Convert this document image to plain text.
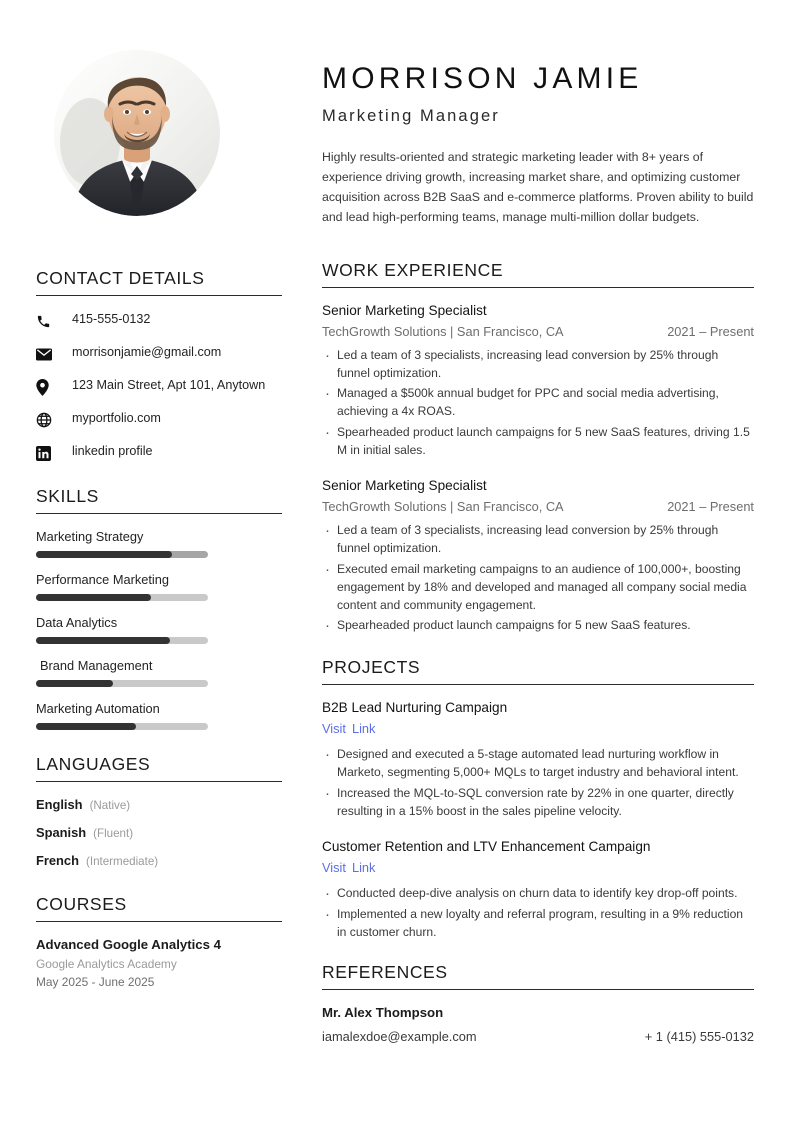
CONTACT DETAILS
415-555-0132
morrisonjamie@gmail.com
123 Main Street, Apt 101, Anytown
myportfolio.com
linkedin profile
SKILLS
Marketing Strategy
Performance Marketing
Data Analytics
Brand Management
Marketing Automation
LANGUAGES
English (Native)
Spanish (Fluent)
French (Intermediate)
COURSES
Advanced Google Analytics 4
Google Analytics Academy
May 2025 - June 2025
MORRISON JAMIE
Marketing Manager
Highly results-oriented and strategic marketing leader with 8+ years of experience driving growth, increasing market share, and optimizing customer acquisition across B2B SaaS and e-commerce platforms. Proven ability to build and lead high-performing teams, manage multi-million dollar budgets.
WORK EXPERIENCE
Senior Marketing Specialist
TechGrowth Solutions | San Francisco, CA	2021 – Present
· Led a team of 3 specialists, increasing lead conversion by 25% through funnel optimization.
· Managed a $500k annual budget for PPC and social media advertising, achieving a 4x ROAS.
· Spearheaded product launch campaigns for 5 new SaaS features, driving 1.5 M in initial sales.
Senior Marketing Specialist
TechGrowth Solutions | San Francisco, CA	2021 – Present
· Led a team of 3 specialists, increasing lead conversion by 25% through funnel optimization.
· Executed email marketing campaigns to an audience of 100,000+, boosting engagement by 18% and developed and managed all company social media content and community engagement.
· Spearheaded product launch campaigns for 5 new SaaS features.
PROJECTS
B2B Lead Nurturing Campaign
Visit Link
· Designed and executed a 5-stage automated lead nurturing workflow in Marketo, segmenting 5,000+ MQLs to target industry and behavioral intent.
· Increased the MQL-to-SQL conversion rate by 22% in one quarter, directly resulting in a 15% boost in the sales pipeline velocity.
Customer Retention and LTV Enhancement Campaign
Visit Link
· Conducted deep-dive analysis on churn data to identify key drop-off points.
· Implemented a new loyalty and referral program, resulting in a 9% reduction in customer churn.
REFERENCES
Mr. Alex Thompson
iamalexdoe@example.com	+ 1 (415) 555-0132
